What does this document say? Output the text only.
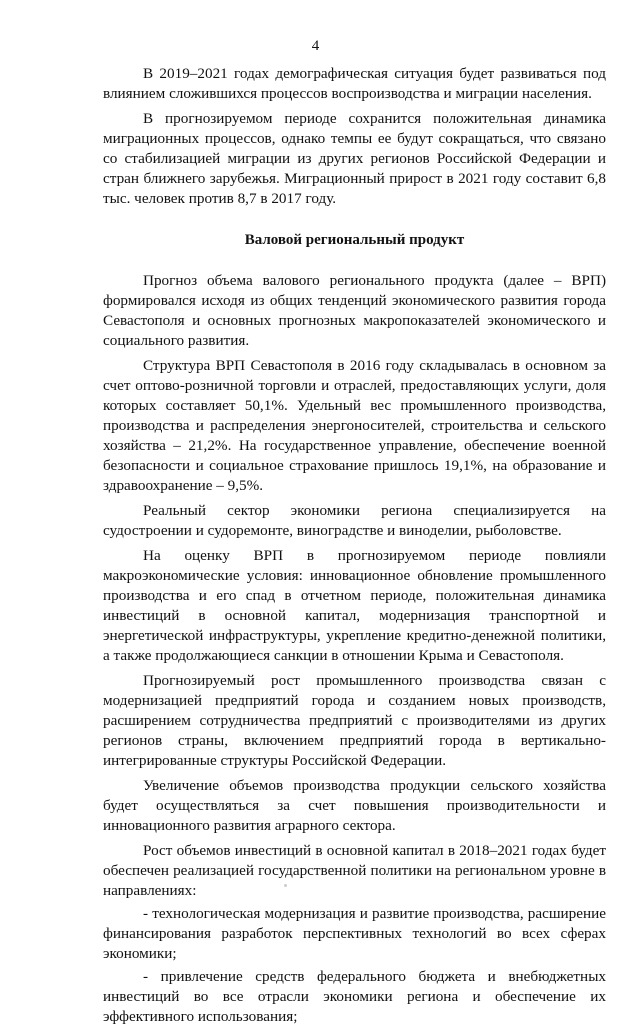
4

В 2019–2021 годах демографическая ситуация будет развиваться под влиянием сложившихся процессов воспроизводства и миграции населения.

В прогнозируемом периоде сохранится положительная динамика миграционных процессов, однако темпы ее будут сокращаться, что связано со стабилизацией миграции из других регионов Российской Федерации и стран ближнего зарубежья. Миграционный прирост в 2021 году составит 6,8 тыс. человек против 8,7 в 2017 году.

Валовой региональный продукт

Прогноз объема валового регионального продукта (далее – ВРП) формировался исходя из общих тенденций экономического развития города Севастополя и основных прогнозных макропоказателей экономического и социального развития.

Структура ВРП Севастополя в 2016 году складывалась в основном за счет оптово-розничной торговли и отраслей, предоставляющих услуги, доля которых составляет 50,1%. Удельный вес промышленного производства, производства и распределения энергоносителей, строительства и сельского хозяйства – 21,2%. На государственное управление, обеспечение военной безопасности и социальное страхование пришлось 19,1%, на образование и здравоохранение – 9,5%.

Реальный сектор экономики региона специализируется на судостроении и судоремонте, виноградстве и виноделии, рыболовстве.

На оценку ВРП в прогнозируемом периоде повлияли макроэкономические условия: инновационное обновление промышленного производства и его спад в отчетном периоде, положительная динамика инвестиций в основной капитал, модернизация транспортной и энергетической инфраструктуры, укрепление кредитно-денежной политики, а также продолжающиеся санкции в отношении Крыма и Севастополя.

Прогнозируемый рост промышленного производства связан с модернизацией предприятий города и созданием новых производств, расширением сотрудничества предприятий с производителями из других регионов страны, включением предприятий города в вертикально-интегрированные структуры Российской Федерации.

Увеличение объемов производства продукции сельского хозяйства будет осуществляться за счет повышения производительности и инновационного развития аграрного сектора.

Рост объемов инвестиций в основной капитал в 2018–2021 годах будет обеспечен реализацией государственной политики на региональном уровне в направлениях:

- технологическая модернизация и развитие производства, расширение финансирования разработок перспективных технологий во всех сферах экономики;

- привлечение средств федерального бюджета и внебюджетных инвестиций во все отрасли экономики региона и обеспечение их эффективного использования;
